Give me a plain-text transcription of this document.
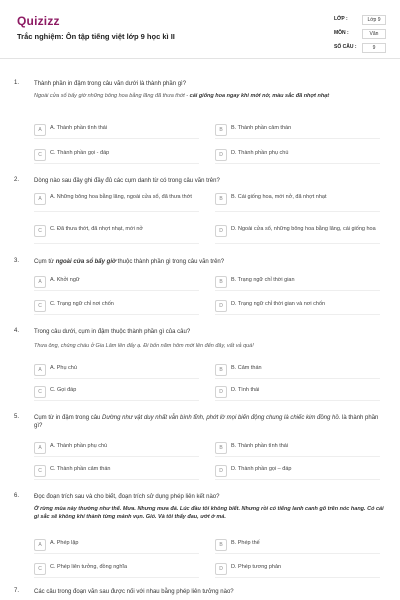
Quizizz
Trắc nghiệm: Ôn tập tiếng việt lớp 9 học kì II
LỚP :	Lớp 9
MÔN :	Văn
SỐ CÂU :	9
1. Thành phần in đậm trong câu văn dưới là thành phần gì?
Ngoài cửa sổ bấy giờ những bông hoa bằng lăng đã thưa thớt - cái giống hoa ngay khi mới nở, màu sắc đã nhợt nhạt
A	A. Thành phần tình thái	B	B. Thành phần cảm thán
C	C. Thành phần gọi - đáp	D	D. Thành phần phụ chú
2. Dòng nào sau đây ghi đầy đủ các cụm danh từ có trong câu văn trên?
A	A. Những bông hoa bằng lăng, ngoài cửa sổ, đã thưa thớt	B	B. Cái giống hoa, mới nở, đã nhợt nhạt
C	C. Đã thưa thớt, đã nhợt nhạt, mới nở	D	D. Ngoài cửa sổ, những bông hoa bằng lăng, cái giống hoa
3. Cụm từ ngoài cửa sổ bấy giờ thuộc thành phần gì trong câu văn trên?
A	A. Khởi ngữ	B	B. Trạng ngữ chỉ thời gian
C	C. Trạng ngữ chỉ nơi chốn	D	D. Trạng ngữ chỉ thời gian và nơi chốn
4. Trong câu dưới, cụm in đậm thuộc thành phần gì của câu?
Thưa ông, chúng cháu ở Gia Lâm lên đấy ạ. Đi bốn năm hôm mới lên đến đây, vất vả quá!
A	A. Phụ chú	B	B. Cảm thán
C	C. Gọi đáp	D	D. Tình thái
5. Cụm từ in đậm trong câu Dường như vật duy nhất vẫn bình tĩnh, phớt lờ mọi biến động chung là chiếc kim đồng hồ. là thành phần gì?
A	A. Thành phần phụ chú	B	B. Thành phần tình thái
C	C. Thành phần cảm thán	D	D. Thành phần gọi – đáp
6. Đọc đoạn trích sau và cho biết, đoạn trích sử dụng phép liên kết nào?
Ở rừng mùa này thường như thế. Mưa. Nhưng mưa đá. Lúc đầu tôi không biết. Nhưng rồi có tiếng lanh canh gõ trên nóc hang. Có cái gì sắc sẽ không khí thành từng mảnh vụn. Gió. Và tôi thấy đau, ướt ở má.
A	A. Phép lặp	B	B. Phép thế
C	C. Phép liên tưởng, đồng nghĩa	D	D. Phép tương phản
7. Các câu trong đoạn văn sau được nối với nhau bằng phép liên tưởng nào?
